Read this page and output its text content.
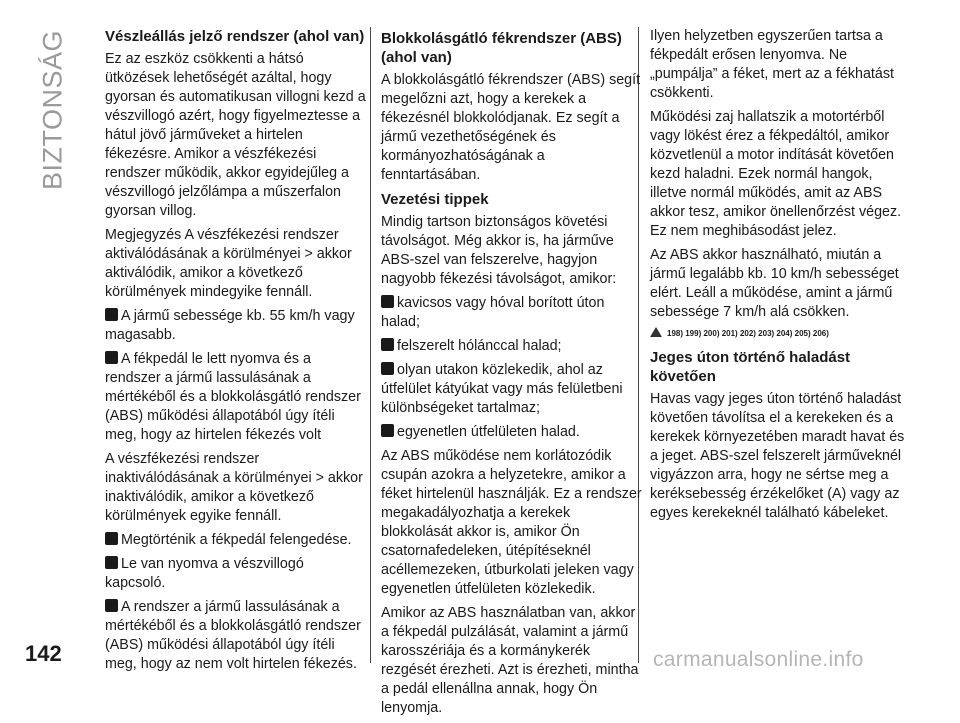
BIZTONSÁG	Vészleállás jelző rendszer (ahol van)

Ez az eszköz csökkenti a hátsó ütközések lehetőségét azáltal, hogy gyorsan és automatikusan villogni kezd a vészvillogó azért, hogy figyelmeztesse a hátul jövő járműveket a hirtelen fékezésre. Amikor a vészfékezési rendszer működik, akkor egyidejűleg a vészvillogó jelzőlámpa a műszerfalon gyorsan villog.

Megjegyzés A vészfékezési rendszer aktiválódásának a körülményei > akkor aktiválódik, amikor a következő körülmények mindegyike fennáll.

A jármű sebessége kb. 55 km/h vagy magasabb.

A fékpedál le lett nyomva és a rendszer a jármű lassulásának a mértékéből és a blokkolásgátló rendszer (ABS) működési állapotából úgy ítéli meg, hogy az hirtelen fékezés volt

A vészfékezési rendszer inaktiválódásának a körülményei > akkor inaktiválódik, amikor a következő körülmények egyike fennáll.

Megtörténik a fékpedál felengedése.

Le van nyomva a vészvillogó kapcsoló.

A rendszer a jármű lassulásának a mértékéből és a blokkolásgátló rendszer (ABS) működési állapotából úgy ítéli meg, hogy az nem volt hirtelen fékezés.

Blokkolásgátló fékrendszer (ABS) (ahol van)

A blokkolásgátló fékrendszer (ABS) segít megelőzni azt, hogy a kerekek a fékezésnél blokkolódjanak. Ez segít a jármű vezethetőségének és kormányozhatóságának a fenntartásában.

Vezetési tippek

Mindig tartson biztonságos követési távolságot. Még akkor is, ha járműve ABS-szel van felszerelve, hagyjon nagyobb fékezési távolságot, amikor:

kavicsos vagy hóval borított úton halad;

felszerelt hólánccal halad;

olyan utakon közlekedik, ahol az útfelület kátyúkat vagy más felületbeni különbségeket tartalmaz;

egyenetlen útfelületen halad.

Az ABS működése nem korlátozódik csupán azokra a helyzetekre, amikor a féket hirtelenül használják. Ez a rendszer megakadályozhatja a kerekek blokkolását akkor is, amikor Ön csatornafedeleken, útépítéseknél acéllemezeken, útburkolati jeleken vagy egyenetlen útfelületen közlekedik.

Amikor az ABS használatban van, akkor a fékpedál pulzálását, valamint a jármű karosszériája és a kormánykerék rezgését érezheti. Azt is érezheti, mintha a pedál ellenállna annak, hogy Ön lenyomja.

Ilyen helyzetben egyszerűen tartsa a fékpedált erősen lenyomva. Ne „pumpálja” a féket, mert az a fékhatást csökkenti.

Működési zaj hallatszik a motortérből vagy lökést érez a fékpedáltól, amikor közvetlenül a motor indítását követően kezd haladni. Ezek normál hangok, illetve normál működés, amit az ABS akkor tesz, amikor önellenőrzést végez. Ez nem meghibásodást jelez.

Az ABS akkor használható, miután a jármű legalább kb. 10 km/h sebességet elért. Leáll a működése, amint a jármű sebessége 7 km/h alá csökken.

198) 199) 200) 201) 202) 203) 204) 205) 206)
Jeges úton történő haladást követően

Havas vagy jeges úton történő haladást követően távolítsa el a kerekeken és a kerekek környezetében maradt havat és a jeget. ABS-szel felszerelt járműveknél vigyázzon arra, hogy ne sértse meg a keréksebesség érzékelőket (A) vagy az egyes kerekeknél található kábeleket.

142	carmanualsonline.info
